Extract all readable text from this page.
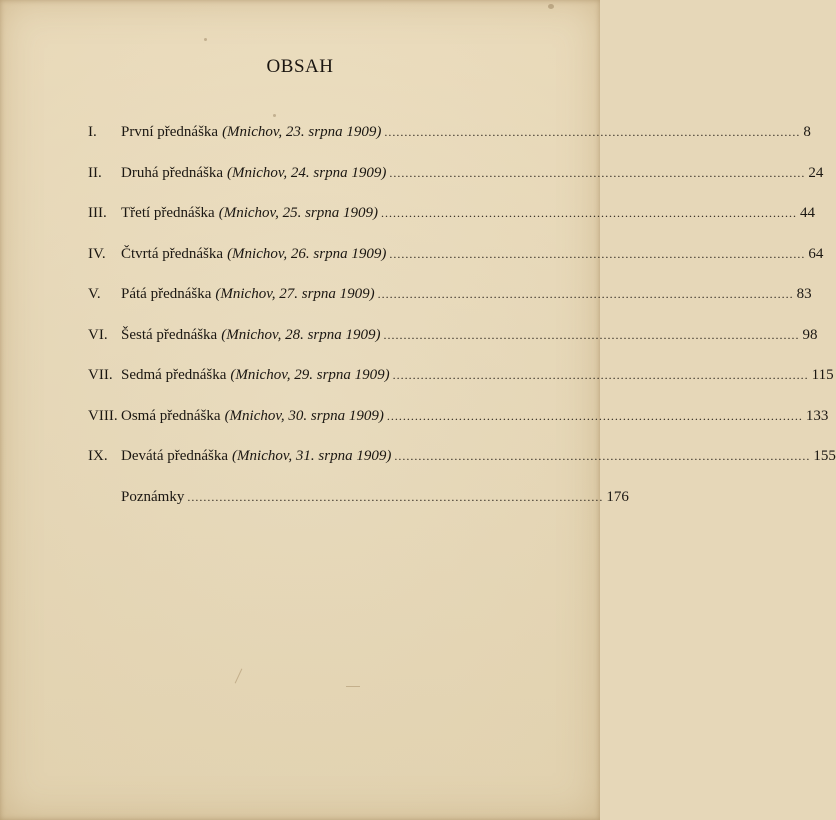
OBSAH
I.	První přednáška (Mnichov, 23. srpna 1909) ........................................................................................................ 8
II.	Druhá přednáška (Mnichov, 24. srpna 1909) ........................................................................................................ 24
III. Třetí přednáška (Mnichov, 25. srpna 1909) ........................................................................................................ 44
IV.	Čtvrtá přednáška (Mnichov, 26. srpna 1909) ........................................................................................................ 64
V.	Pátá přednáška (Mnichov, 27. srpna 1909) ........................................................................................................ 83
VI. Šestá přednáška (Mnichov, 28. srpna 1909) ........................................................................................................ 98
VII. Sedmá přednáška (Mnichov, 29. srpna 1909) ........................................................................................................ 115
VIII. Osmá přednáška (Mnichov, 30. srpna 1909) ........................................................................................................ 133
IX. Devátá přednáška (Mnichov, 31. srpna 1909) ........................................................................................................ 155
Poznámky ........................................................................................................ 176
